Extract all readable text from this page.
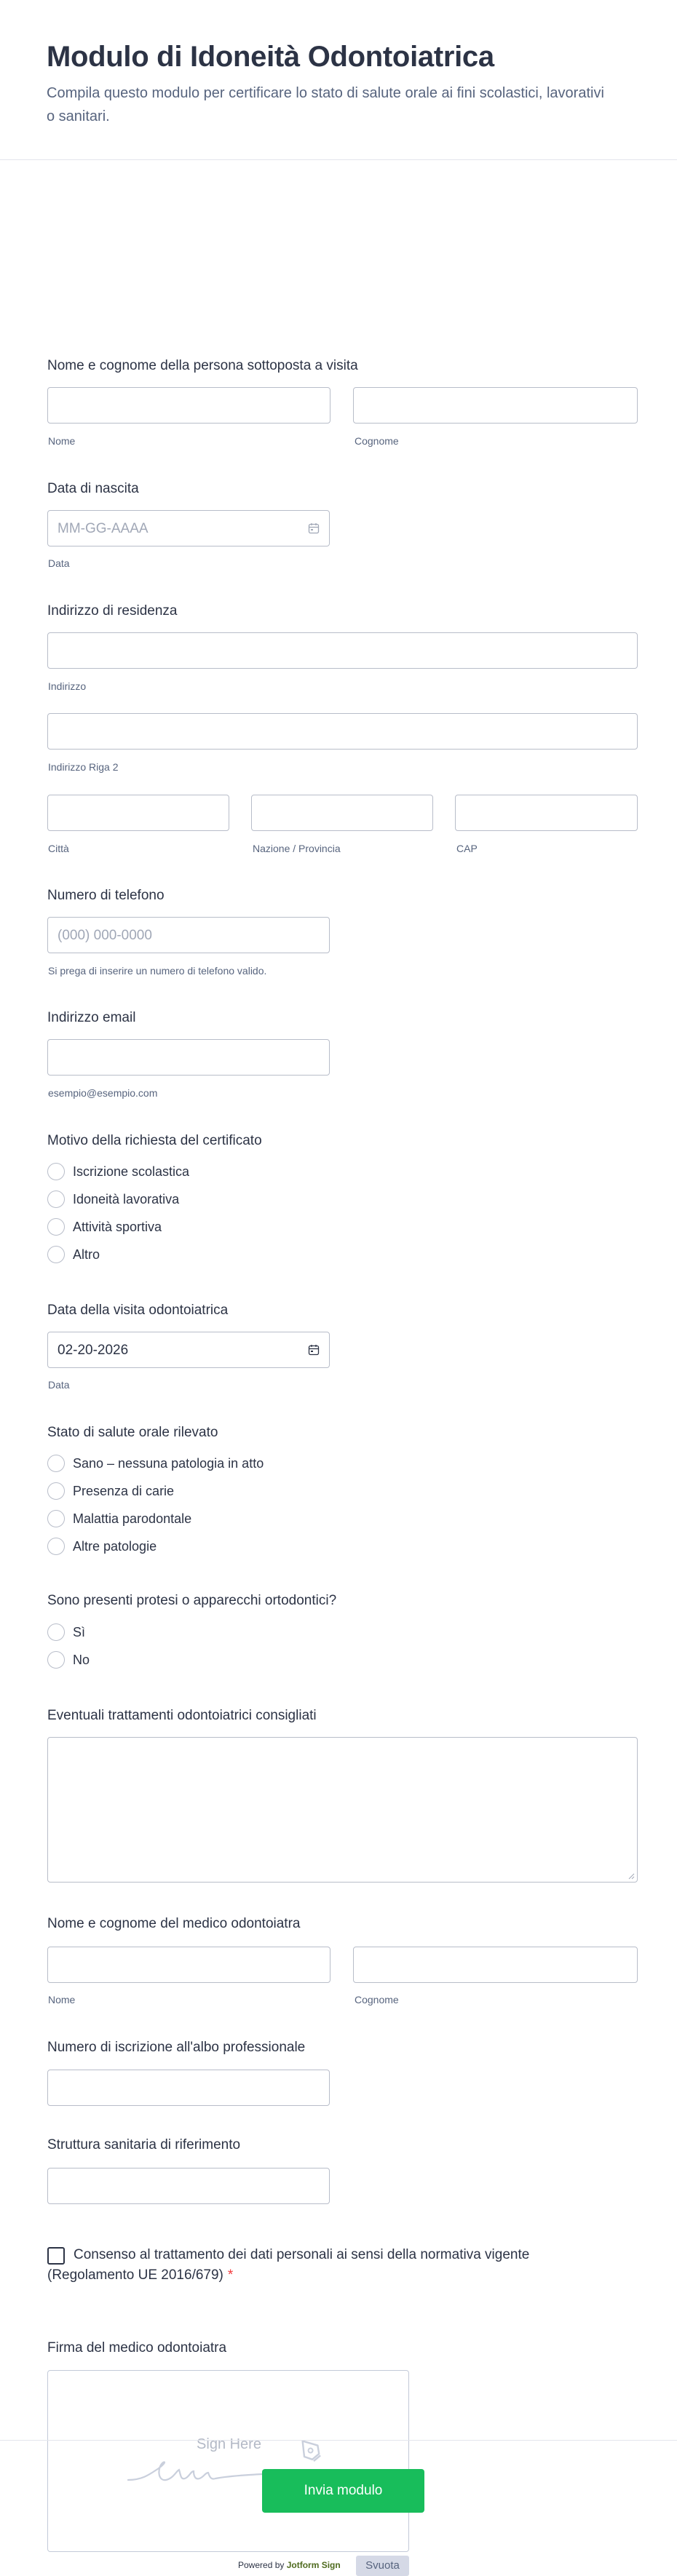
Modulo di Idoneità Odontoiatrica
Compila questo modulo per certificare lo stato di salute orale ai fini scolastici, lavorativi o sanitari.
Nome e cognome della persona sottoposta a visita
Nome	Cognome
Data di nascita
MM-GG-AAAA
Data
Indirizzo di residenza
Indirizzo
Indirizzo Riga 2
Città	Nazione / Provincia	CAP
Numero di telefono
(000) 000-0000
Si prega di inserire un numero di telefono valido.
Indirizzo email
esempio@esempio.com
Motivo della richiesta del certificato
Iscrizione scolastica
Idoneità lavorativa
Attività sportiva
Altro
Data della visita odontoiatrica
02-20-2026
Data
Stato di salute orale rilevato
Sano – nessuna patologia in atto
Presenza di carie
Malattia parodontale
Altre patologie
Sono presenti protesi o apparecchi ortodontici?
Sì
No
Eventuali trattamenti odontoiatrici consigliati
Nome e cognome del medico odontoiatra
Nome	Cognome
Numero di iscrizione all'albo professionale
Struttura sanitaria di riferimento
Consenso al trattamento dei dati personali ai sensi della normativa vigente (Regolamento UE 2016/679) *
Firma del medico odontoiatra
Sign Here
Powered by Jotform Sign	Svuota
Invia modulo
